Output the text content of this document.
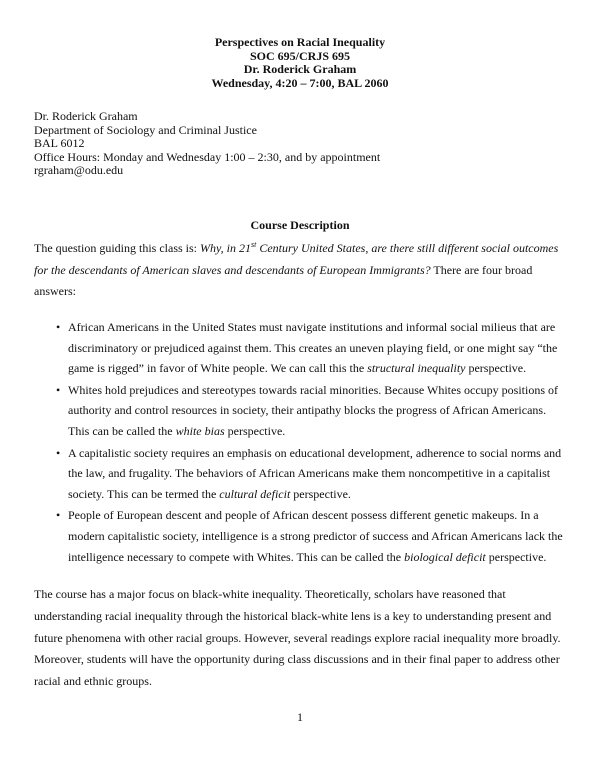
Perspectives on Racial Inequality
SOC 695/CRJS 695
Dr. Roderick Graham
Wednesday, 4:20 – 7:00, BAL 2060
Dr. Roderick Graham
Department of Sociology and Criminal Justice
BAL 6012
Office Hours: Monday and Wednesday 1:00 – 2:30, and by appointment
rgraham@odu.edu
Course Description
The question guiding this class is: Why, in 21st Century United States, are there still different social outcomes for the descendants of American slaves and descendants of European Immigrants? There are four broad answers:
• African Americans in the United States must navigate institutions and informal social milieus that are discriminatory or prejudiced against them. This creates an uneven playing field, or one might say “the game is rigged” in favor of White people. We can call this the structural inequality perspective.
• Whites hold prejudices and stereotypes towards racial minorities. Because Whites occupy positions of authority and control resources in society, their antipathy blocks the progress of African Americans. This can be called the white bias perspective.
• A capitalistic society requires an emphasis on educational development, adherence to social norms and the law, and frugality. The behaviors of African Americans make them noncompetitive in a capitalist society. This can be termed the cultural deficit perspective.
• People of European descent and people of African descent possess different genetic makeups. In a modern capitalistic society, intelligence is a strong predictor of success and African Americans lack the intelligence necessary to compete with Whites. This can be called the biological deficit perspective.
The course has a major focus on black-white inequality. Theoretically, scholars have reasoned that understanding racial inequality through the historical black-white lens is a key to understanding present and future phenomena with other racial groups. However, several readings explore racial inequality more broadly. Moreover, students will have the opportunity during class discussions and in their final paper to address other racial and ethnic groups.
1
